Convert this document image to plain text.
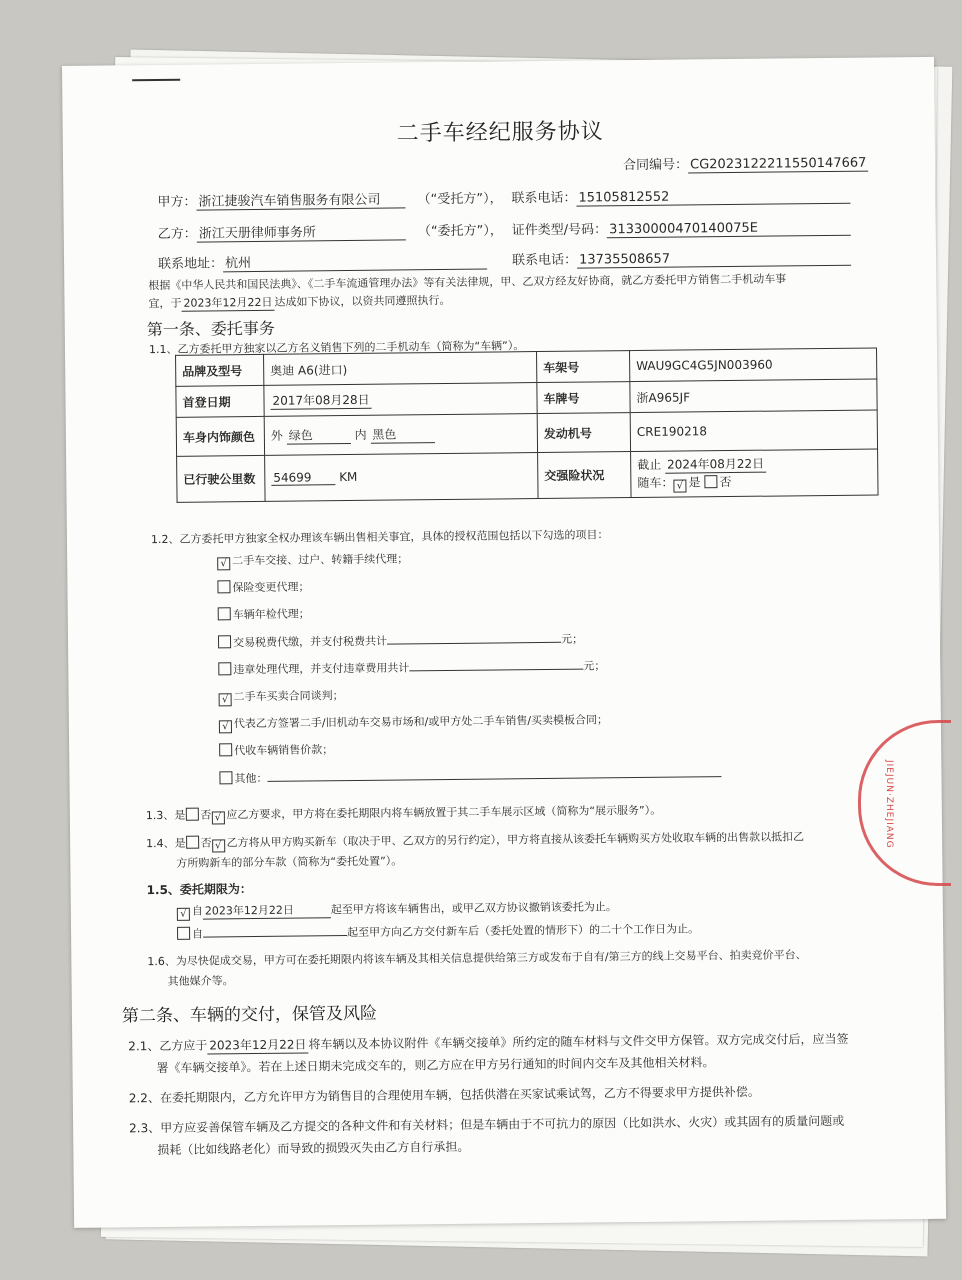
二手车经纪服务协议
合同编号： CG2023122211550147667
甲方： 浙江捷骏汽车销售服务有限公司	（“受托方”）， 联系电话： 15105812552
乙方： 浙江天册律师事务所	（“委托方”）， 证件类型/号码： 31330000470140075E
联系地址： 杭州	联系电话： 13735508657
根据《中华人民共和国民法典》、《二手车流通管理办法》等有关法律规，甲、乙双方经友好协商，就乙方委托甲方销售二手机动车事
宜，于 2023年12月22日 达成如下协议，以资共同遵照执行。
第一条、委托事务
1.1、乙方委托甲方独家以乙方名义销售下列的二手机动车（简称为“车辆”）。
品牌及型号	奥迪 A6(进口)	车架号	WAU9GC4G5JN003960
首登日期	2017年08月28日	车牌号	浙A965JF
车身内饰颜色	外 绿色 内 黑色	发动机号	CRE190218
已行驶公里数	54699 KM	交强险状况	截止 2024年08月22日
随车： √ 是 否
1.2、乙方委托甲方独家全权办理该车辆出售相关事宜，具体的授权范围包括以下勾选的项目：
√ 二手车交接、过户、转籍手续代理；
保险变更代理；
车辆年检代理；
交易税费代缴，并支付税费共计	元；
违章处理代理，并支付违章费用共计	元；
√ 二手车买卖合同谈判；
√ 代表乙方签署二手/旧机动车交易市场和/或甲方处二手车销售/买卖模板合同；
代收车辆销售价款；
其他：
1.3、是 否 √ 应乙方要求，甲方将在委托期限内将车辆放置于其二手车展示区域（简称为“展示服务”）。
1.4、是 否 √ 乙方将从甲方购买新车（取决于甲、乙双方的另行约定），甲方将直接从该委托车辆购买方处收取车辆的出售款以抵扣乙
方所购新车的部分车款（简称为“委托处置”）。
1.5、委托期限为：
√ 自 2023年12月22日	起至甲方将该车辆售出，或甲乙双方协议撤销该委托为止。
自	起至甲方向乙方交付新车后（委托处置的情形下）的二十个工作日为止。
1.6、为尽快促成交易，甲方可在委托期限内将该车辆及其相关信息提供给第三方或发布于自有/第三方的线上交易平台、拍卖竞价平台、
其他媒介等。
第二条、车辆的交付，保管及风险
2.1、乙方应于 2023年12月22日 将车辆以及本协议附件《车辆交接单》所约定的随车材料与文件交甲方保管。双方完成交付后，应当签
署《车辆交接单》。若在上述日期未完成交车的，则乙方应在甲方另行通知的时间内交车及其他相关材料。
2.2、在委托期限内，乙方允许甲方为销售目的合理使用车辆，包括供潜在买家试乘试驾，乙方不得要求甲方提供补偿。
2.3、甲方应妥善保管车辆及乙方提交的各种文件和有关材料；但是车辆由于不可抗力的原因（比如洪水、火灾）或其固有的质量问题或
损耗（比如线路老化）而导致的损毁灭失由乙方自行承担。
JIEJUN·ZHEJIANG
